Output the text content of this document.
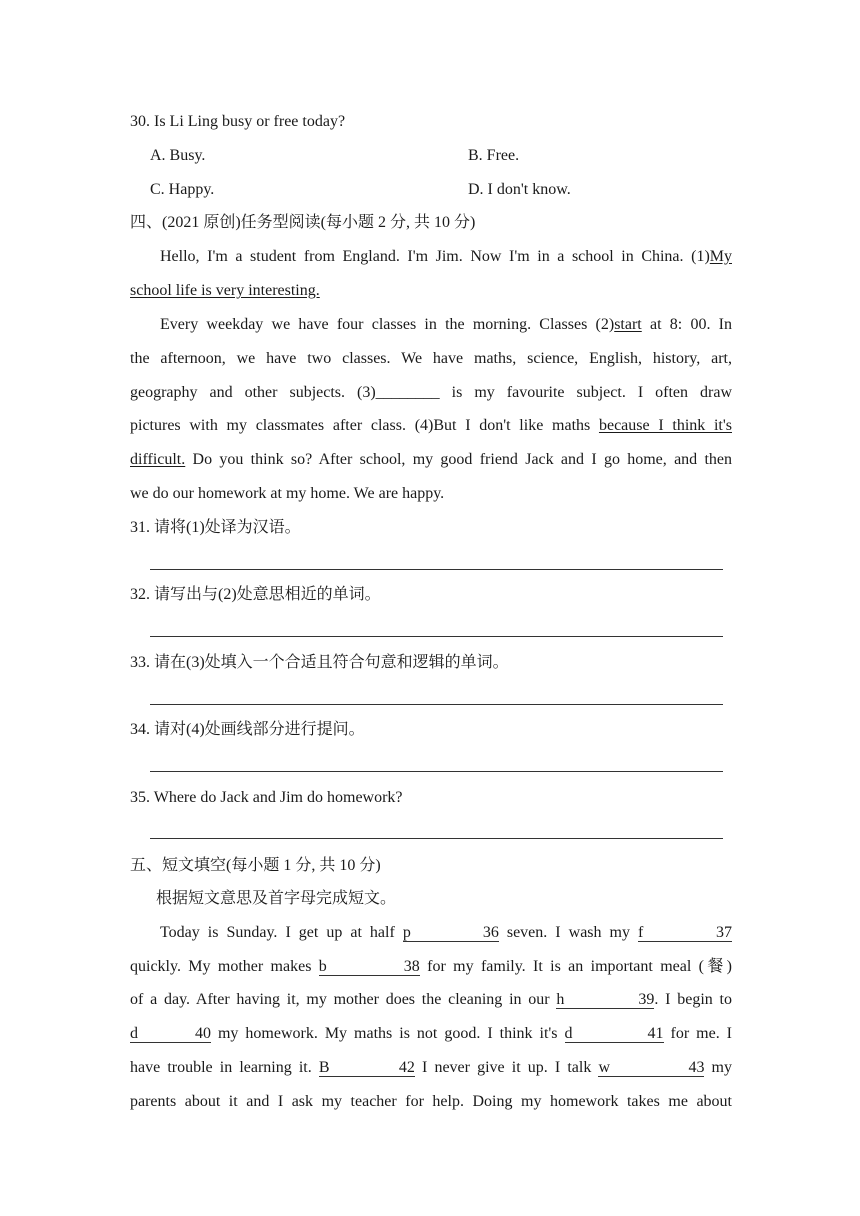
30. Is Li Ling busy or free today?
A. Busy.	B. Free.
C. Happy.	D. I don't know.
四、(2021 原创)任务型阅读(每小题 2 分, 共 10 分)
Hello, I'm a student from England. I'm Jim. Now I'm in a school in China. (1)My
school life is very interesting.
Every weekday we have four classes in the morning. Classes (2)start at 8: 00. In
the afternoon, we have two classes. We have maths, science, English, history, art,
geography and other subjects. (3)________ is my favourite subject. I often draw
pictures with my classmates after class. (4)But I don't like maths because I think it's
difficult. Do you think so? After school, my good friend Jack and I go home, and then
we do our homework at my home. We are happy.
31. 请将(1)处译为汉语。
32. 请写出与(2)处意思相近的单词。
33. 请在(3)处填入一个合适且符合句意和逻辑的单词。
34. 请对(4)处画线部分进行提问。
35. Where do Jack and Jim do homework?
五、短文填空(每小题 1 分, 共 10 分)
根据短文意思及首字母完成短文。
Today is Sunday. I get up at half p	36 seven. I wash my f	37
quickly. My mother makes b	38 for my family. It is an important meal (餐)
of a day. After having it, my mother does the cleaning in our h	39 . I begin to
d	40 my homework. My maths is not good. I think it's d	41 for me. I
have trouble in learning it. B	42 I never give it up. I talk w	43 my
parents about it and I ask my teacher for help. Doing my homework takes me about
